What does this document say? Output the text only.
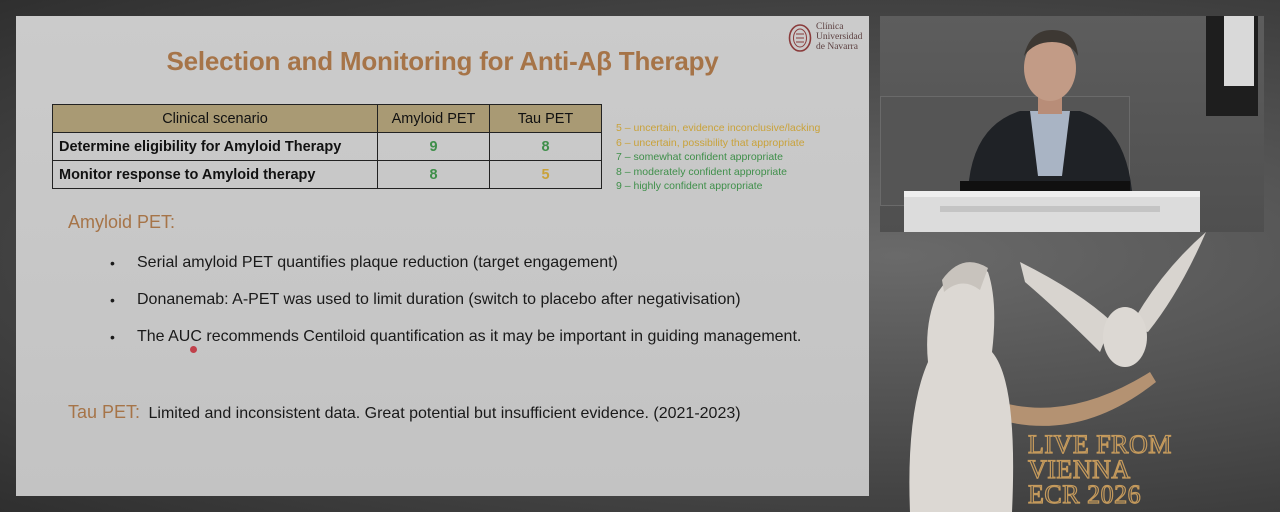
Selection and Monitoring for Anti-Aβ Therapy
Clínica
Universidad
de Navarra
Clinical scenario	Amyloid PET	Tau PET
Determine eligibility for Amyloid Therapy	9	8
Monitor response to Amyloid therapy	8	5
5 – uncertain, evidence inconclusive/lacking
6 – uncertain, possibility that appropriate
7 – somewhat confident appropriate
8 – moderately confident appropriate
9 – highly confident appropriate
Amyloid PET:
• Serial amyloid PET quantifies plaque reduction (target engagement)
• Donanemab: A-PET was used to limit duration (switch to placebo after negativisation)
• The AUC recommends Centiloid quantification as it may be important in guiding management.
Tau PET: Limited and inconsistent data. Great potential but insufficient evidence. (2021-2023)
LIVE FROM VIENNA
ECR 2026
